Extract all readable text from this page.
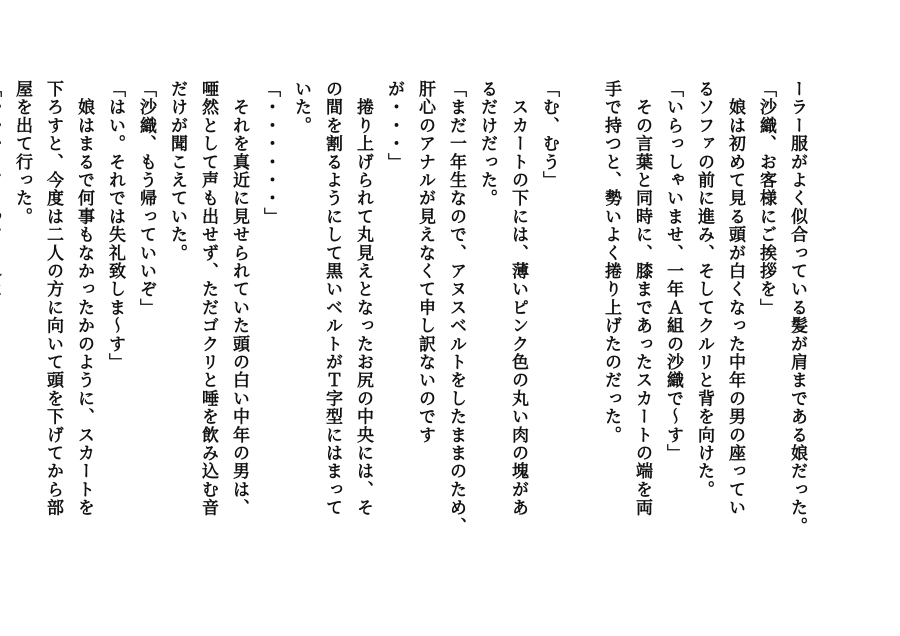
ーラー服がよく似合っている髪が肩まである娘だった。
「沙織、お客様にご挨拶を」
　娘は初めて見る頭が白くなった中年の男の座ってい
るソファの前に進み、そしてクルリと背を向けた。
「いらっしゃいませ、一年Ａ組の沙織で～す」
　その言葉と同時に、膝まであったスカートの端を両
手で持つと、勢いよく捲り上げたのだった。
「む、むう」
　スカートの下には、薄いピンク色の丸い肉の塊があ
るだけだった。
「まだ一年生なので、アヌスベルトをしたままのため、
肝心のアナルが見えなくて申し訳ないのです
が・・・」
　捲り上げられて丸見えとなったお尻の中央には、そ
の間を割るようにして黒いベルトがＴ字型にはまって
いた。
「・・・・・・」
　それを真近に見せられていた頭の白い中年の男は、
唖然として声も出せず、ただゴクリと唾を飲み込む音
だけが聞こえていた。
「沙織、もう帰っていいぞ」
「はい。それでは失礼致しま～す」
　娘はまるで何事もなかったかのように、スカートを
下ろすと、今度は二人の方に向いて頭を下げてから部
屋を出て行った。
